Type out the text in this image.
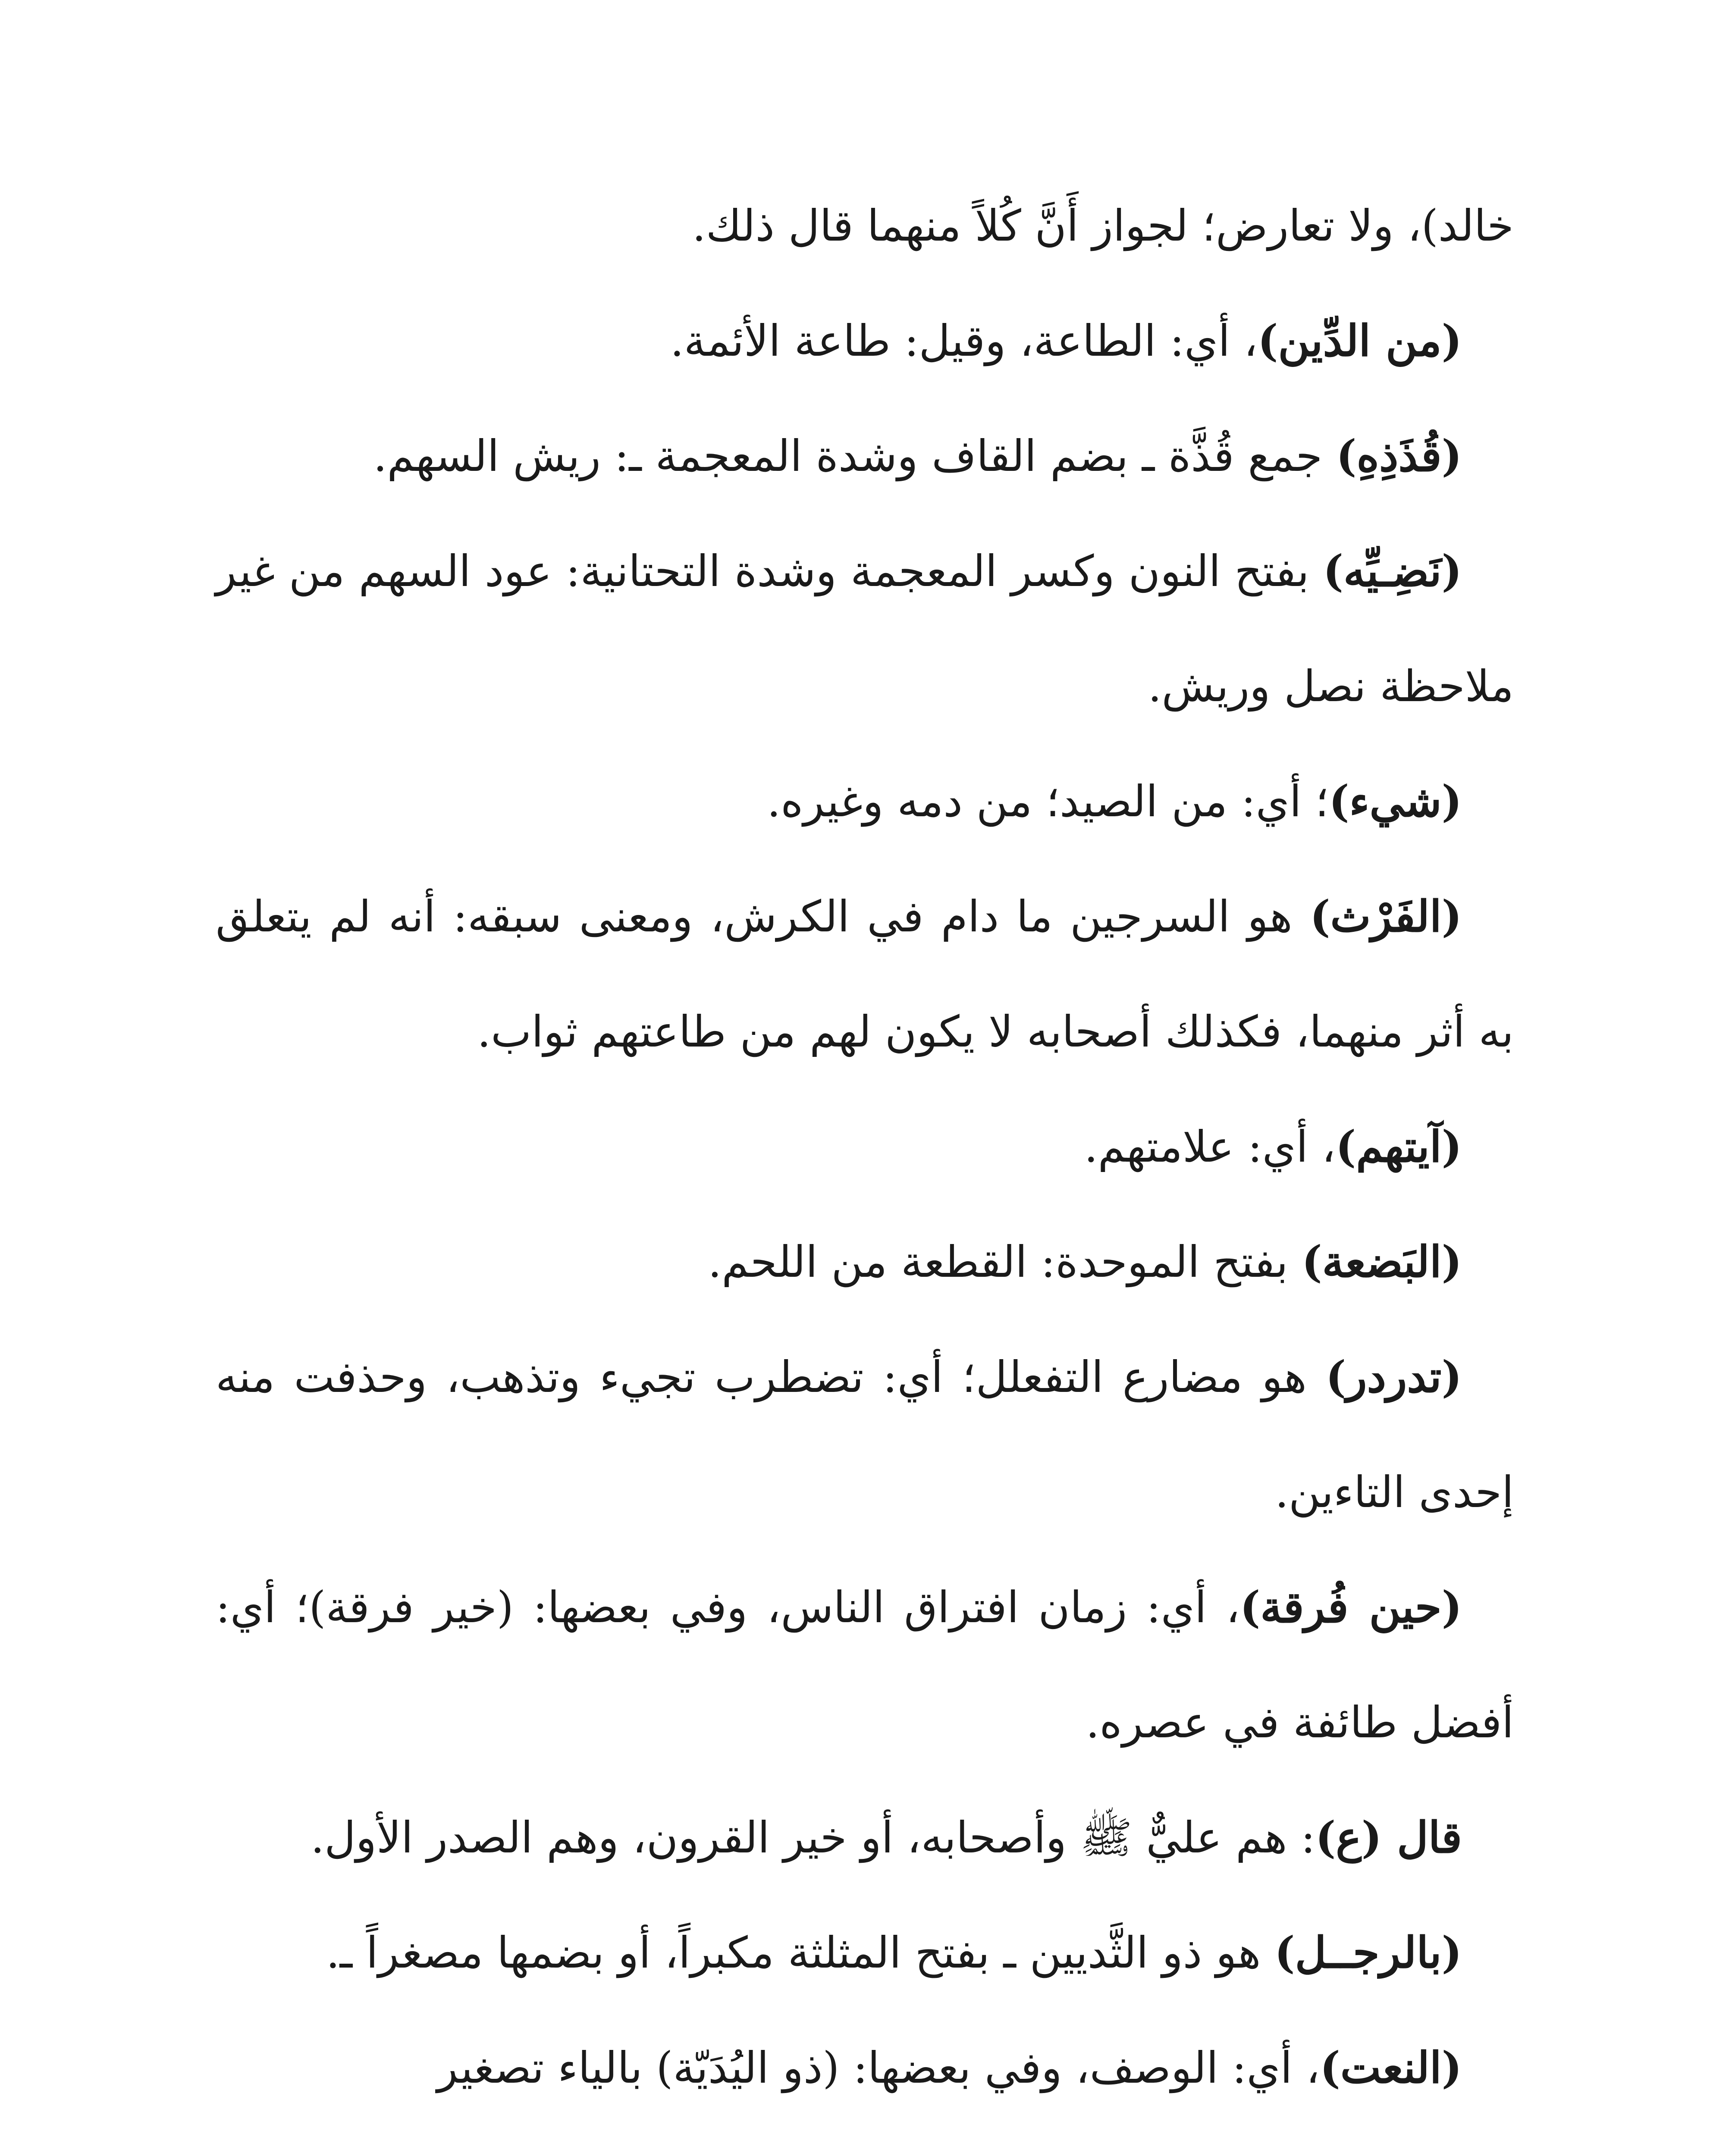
خالد)، ولا تعارض؛ لجواز أَنَّ كُلاً منهما قال ذلك.

(من الدِّين)، أي: الطاعة، وقيل: طاعة الأئمة.

(قُذَذِهِ) جمع قُذَّة ـ بضم القاف وشدة المعجمة ـ: ريش السهم.

(نَضِـيِّه) بفتح النون وكسر المعجمة وشدة التحتانية: عود السهم من غير ملاحظة نصل وريش.

(شيء)؛ أي: من الصيد؛ من دمه وغيره.

(الفَرْث) هو السرجين ما دام في الكرش، ومعنى سبقه: أنه لم يتعلق به أثر منهما، فكذلك أصحابه لا يكون لهم من طاعتهم ثواب.

(آيتهم)، أي: علامتهم.

(البَضعة) بفتح الموحدة: القطعة من اللحم.

(تدردر) هو مضارع التفعلل؛ أي: تضطرب تجيء وتذهب، وحذفت منه إحدى التاءين.

(حين فُرقة)، أي: زمان افتراق الناس، وفي بعضها: (خير فرقة)؛ أي: أفضل طائفة في عصره.

قال (ع): هم عليٌّ ﷺ وأصحابه، أو خير القرون، وهم الصدر الأول.

(بالرجــل) هو ذو الثَّديين ـ بفتح المثلثة مكبراً، أو بضمها مصغراً ـ.

(النعت)، أي: الوصف، وفي بعضها: (ذو اليُدَيّة) بالياء تصغير
